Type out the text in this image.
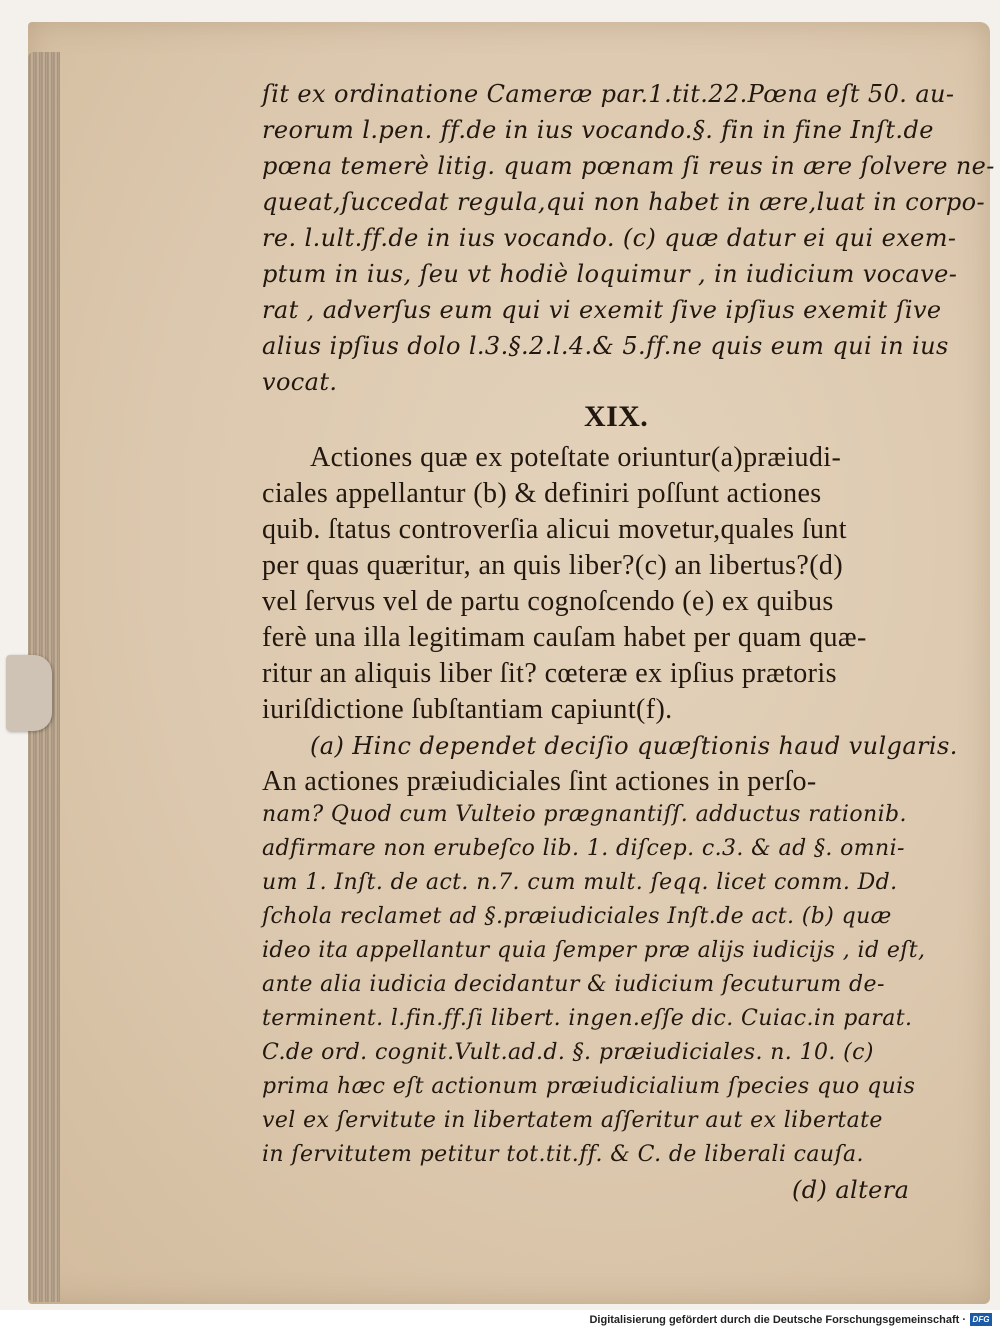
ſit ex ordinatione Cameræ par.1.tit.22.Pœna eſt 50. au-
reorum l.pen. ff.de in ius vocando.§. fin in fine Inſt.de
pœna temerè litig. quam pœnam ſi reus in ære ſolvere ne-
queat,ſuccedat regula,qui non habet in ære,luat in corpo-
re. l.ult.ff.de in ius vocando. (c) quæ datur ei qui exem-
ptum in ius, ſeu vt hodiè loquimur , in iudicium vocave-
rat , adverſus eum qui vi exemit ſive ipſius exemit ſive
alius ipſius dolo l.3.§.2.l.4.& 5.ff.ne quis eum qui in ius
vocat.
XIX.
Actiones quæ ex poteſtate oriuntur(a)præiudi-
ciales appellantur (b) & definiri poſſunt actiones
quib. ſtatus controverſia alicui movetur,quales ſunt
per quas quæritur, an quis liber?(c) an libertus?(d)
vel ſervus vel de partu cognoſcendo (e) ex quibus
ferè una illa legitimam cauſam habet per quam quæ-
ritur an aliquis liber ſit? cœteræ ex ipſius prætoris
iuriſdictione ſubſtantiam capiunt(f).
(a) Hinc dependet deciſio quæſtionis haud vulgaris.
An actiones præiudiciales ſint actiones in perſo-
nam? Quod cum Vulteio prægnantiſſ. adductus rationib.
adfirmare non erubeſco lib. 1. diſcep. c.3. & ad §. omni-
um 1. Inſt. de act. n.7. cum mult. ſeqq. licet comm. Dd.
ſchola reclamet ad §.præiudiciales Inſt.de act. (b) quæ
ideo ita appellantur quia ſemper præ alijs iudicijs , id eſt,
ante alia iudicia decidantur & iudicium ſecuturum de-
terminent. l.fin.ff.ſi libert. ingen.eſſe dic. Cuiac.in parat.
C.de ord. cognit.Vult.ad.d. §. præiudiciales. n. 10. (c)
prima hæc eſt actionum præiudicialium ſpecies quo quis
vel ex ſervitute in libertatem aſſeritur aut ex libertate
in ſervitutem petitur tot.tit.ff. & C. de liberali cauſa.
(d) altera
Digitalisierung gefördert durch die Deutsche Forschungsgemeinschaft · DFG
